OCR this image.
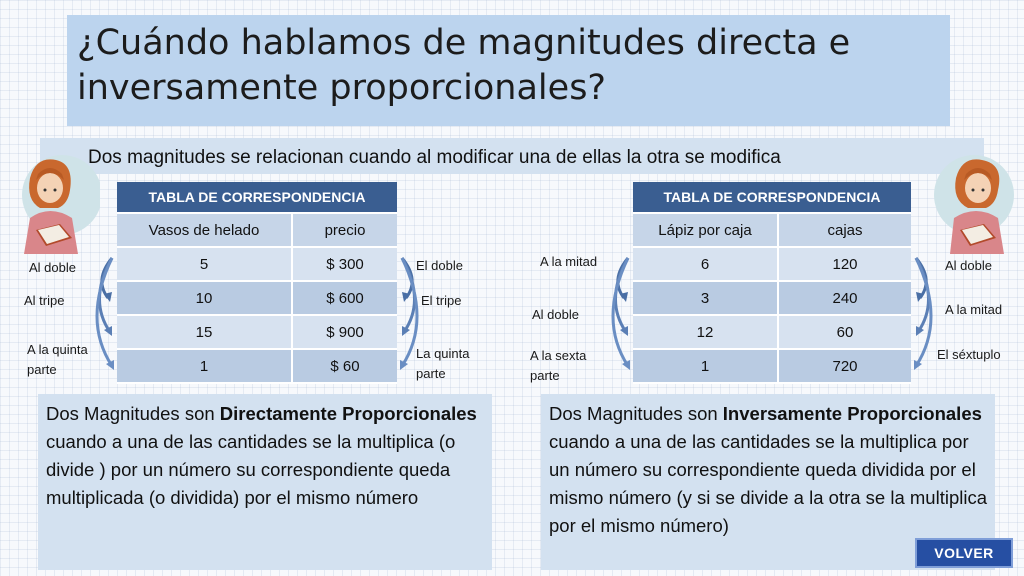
¿Cuándo hablamos de magnitudes directa e inversamente proporcionales?
Dos magnitudes se relacionan cuando al modificar una de ellas la otra se modifica
TABLA DE CORRESPONDENCIA
Vasos de helado	precio
5	$ 300
10	$ 600
15	$ 900
1	$ 60
Al doble
Al tripe
A la quinta parte
El doble
El tripe
La quinta parte
TABLA DE CORRESPONDENCIA
Lápiz por caja	cajas
6	120
3	240
12	60
1	720
A la mitad
Al doble
A la sexta parte
Al doble
A la mitad
El séxtuplo
Dos Magnitudes son Directamente Proporcionales cuando a una de las cantidades se la multiplica (o divide ) por un número su correspondiente queda multiplicada (o dividida) por el mismo número
Dos Magnitudes son Inversamente Proporcionales cuando a una de las cantidades se la multiplica por un número su correspondiente queda dividida por el mismo número (y si se divide a la otra se la multiplica por el mismo número)
VOLVER
